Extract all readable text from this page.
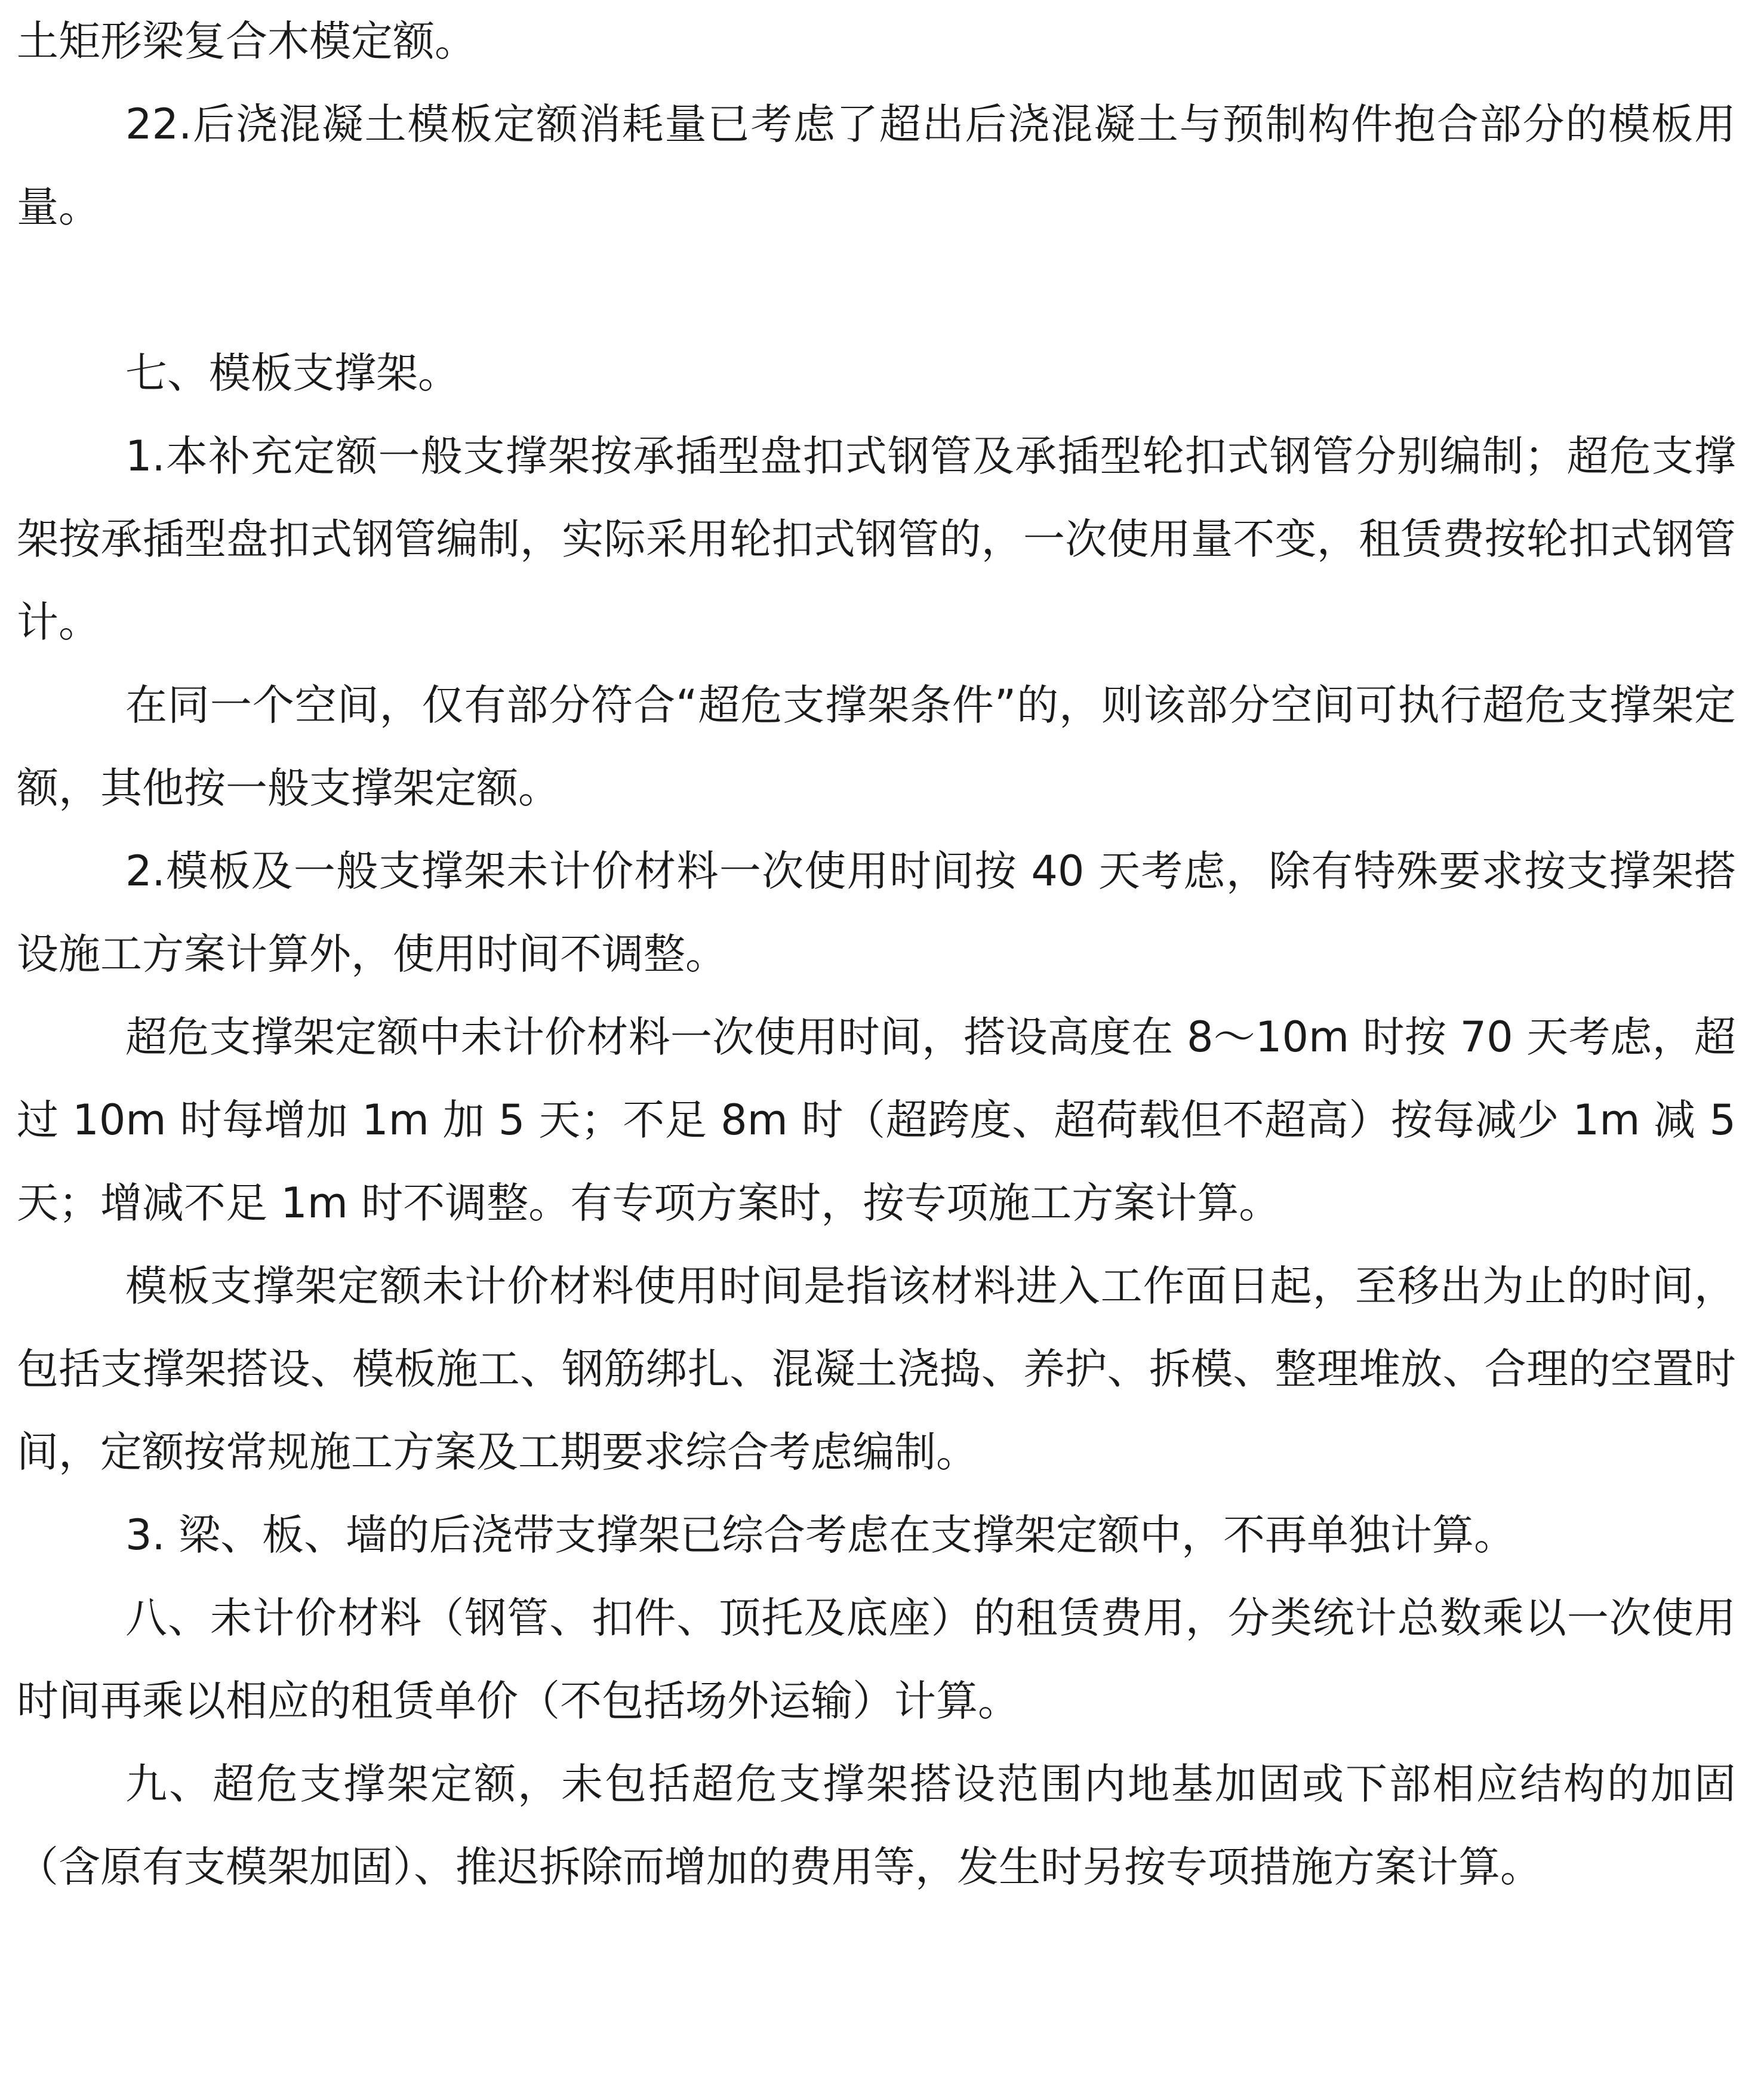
土矩形梁复合木模定额。

22.后浇混凝土模板定额消耗量已考虑了超出后浇混凝土与预制构件抱合部分的模板用量。

七、模板支撑架。

1.本补充定额一般支撑架按承插型盘扣式钢管及承插型轮扣式钢管分别编制；超危支撑架按承插型盘扣式钢管编制，实际采用轮扣式钢管的，一次使用量不变，租赁费按轮扣式钢管计。

在同一个空间，仅有部分符合“超危支撑架条件”的，则该部分空间可执行超危支撑架定额，其他按一般支撑架定额。

2.模板及一般支撑架未计价材料一次使用时间按 40 天考虑，除有特殊要求按支撑架搭设施工方案计算外，使用时间不调整。

超危支撑架定额中未计价材料一次使用时间，搭设高度在 8～10m 时按 70 天考虑，超过 10m 时每增加 1m 加 5 天；不足 8m 时（超跨度、超荷载但不超高）按每减少 1m 减 5 天；增减不足 1m 时不调整。有专项方案时，按专项施工方案计算。

模板支撑架定额未计价材料使用时间是指该材料进入工作面日起，至移出为止的时间，包括支撑架搭设、模板施工、钢筋绑扎、混凝土浇捣、养护、拆模、整理堆放、合理的空置时间，定额按常规施工方案及工期要求综合考虑编制。

3. 梁、板、墙的后浇带支撑架已综合考虑在支撑架定额中，不再单独计算。

八、未计价材料（钢管、扣件、顶托及底座）的租赁费用，分类统计总数乘以一次使用时间再乘以相应的租赁单价（不包括场外运输）计算。

九、超危支撑架定额，未包括超危支撑架搭设范围内地基加固或下部相应结构的加固（含原有支模架加固）、推迟拆除而增加的费用等，发生时另按专项措施方案计算。
